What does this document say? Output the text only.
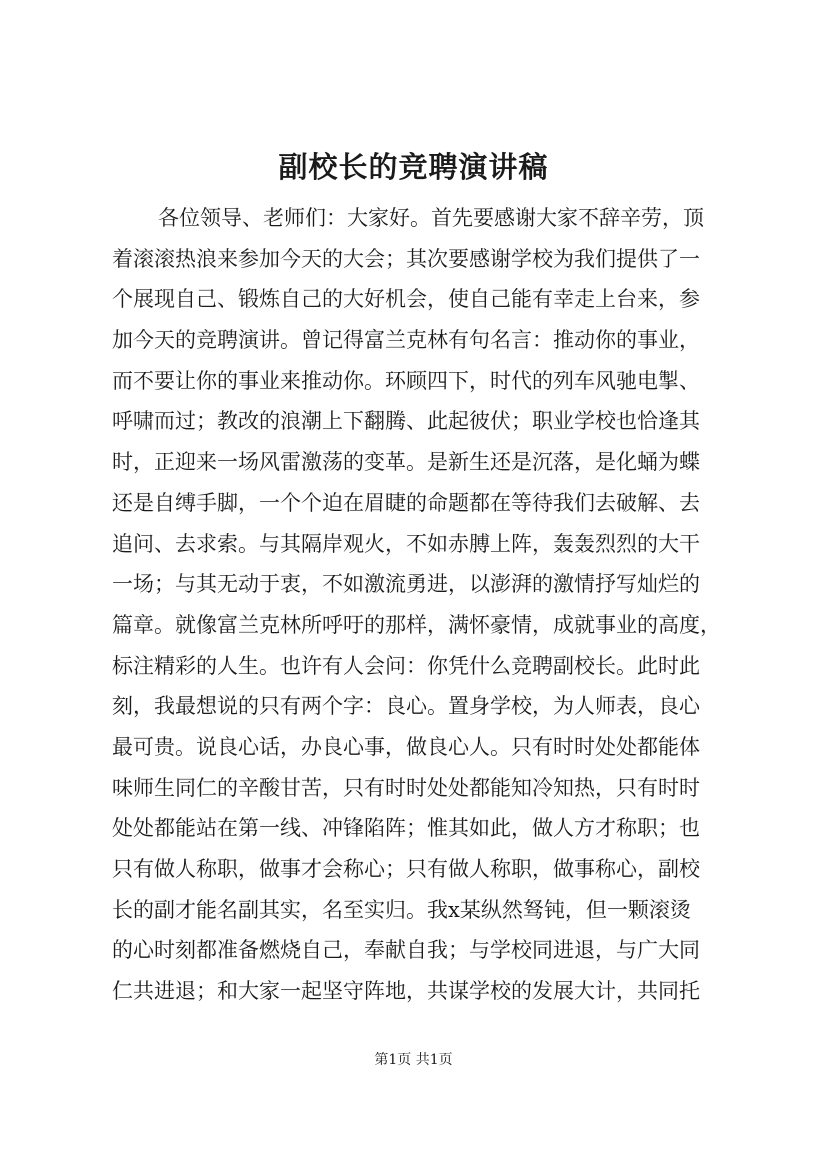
副校长的竞聘演讲稿
各位领导、老师们：大家好。首先要感谢大家不辞辛劳，顶
着滚滚热浪来参加今天的大会；其次要感谢学校为我们提供了一
个展现自己、锻炼自己的大好机会，使自己能有幸走上台来，参
加今天的竞聘演讲。曾记得富兰克林有句名言：推动你的事业，
而不要让你的事业来推动你。环顾四下，时代的列车风驰电掣、
呼啸而过；教改的浪潮上下翻腾、此起彼伏；职业学校也恰逢其
时，正迎来一场风雷激荡的变革。是新生还是沉落，是化蛹为蝶
还是自缚手脚，一个个迫在眉睫的命题都在等待我们去破解、去
追问、去求索。与其隔岸观火，不如赤膊上阵，轰轰烈烈的大干
一场；与其无动于衷，不如激流勇进，以澎湃的激情抒写灿烂的
篇章。就像富兰克林所呼吁的那样，满怀豪情，成就事业的高度，
标注精彩的人生。也许有人会问：你凭什么竞聘副校长。此时此
刻，我最想说的只有两个字：良心。置身学校，为人师表，良心
最可贵。说良心话，办良心事，做良心人。只有时时处处都能体
味师生同仁的辛酸甘苦，只有时时处处都能知冷知热，只有时时
处处都能站在第一线、冲锋陷阵；惟其如此，做人方才称职；也
只有做人称职，做事才会称心；只有做人称职，做事称心，副校
长的副才能名副其实，名至实归。我x某纵然驽钝，但一颗滚烫
的心时刻都准备燃烧自己，奉献自我；与学校同进退，与广大同
仁共进退；和大家一起坚守阵地，共谋学校的发展大计，共同托
第1页 共1页
